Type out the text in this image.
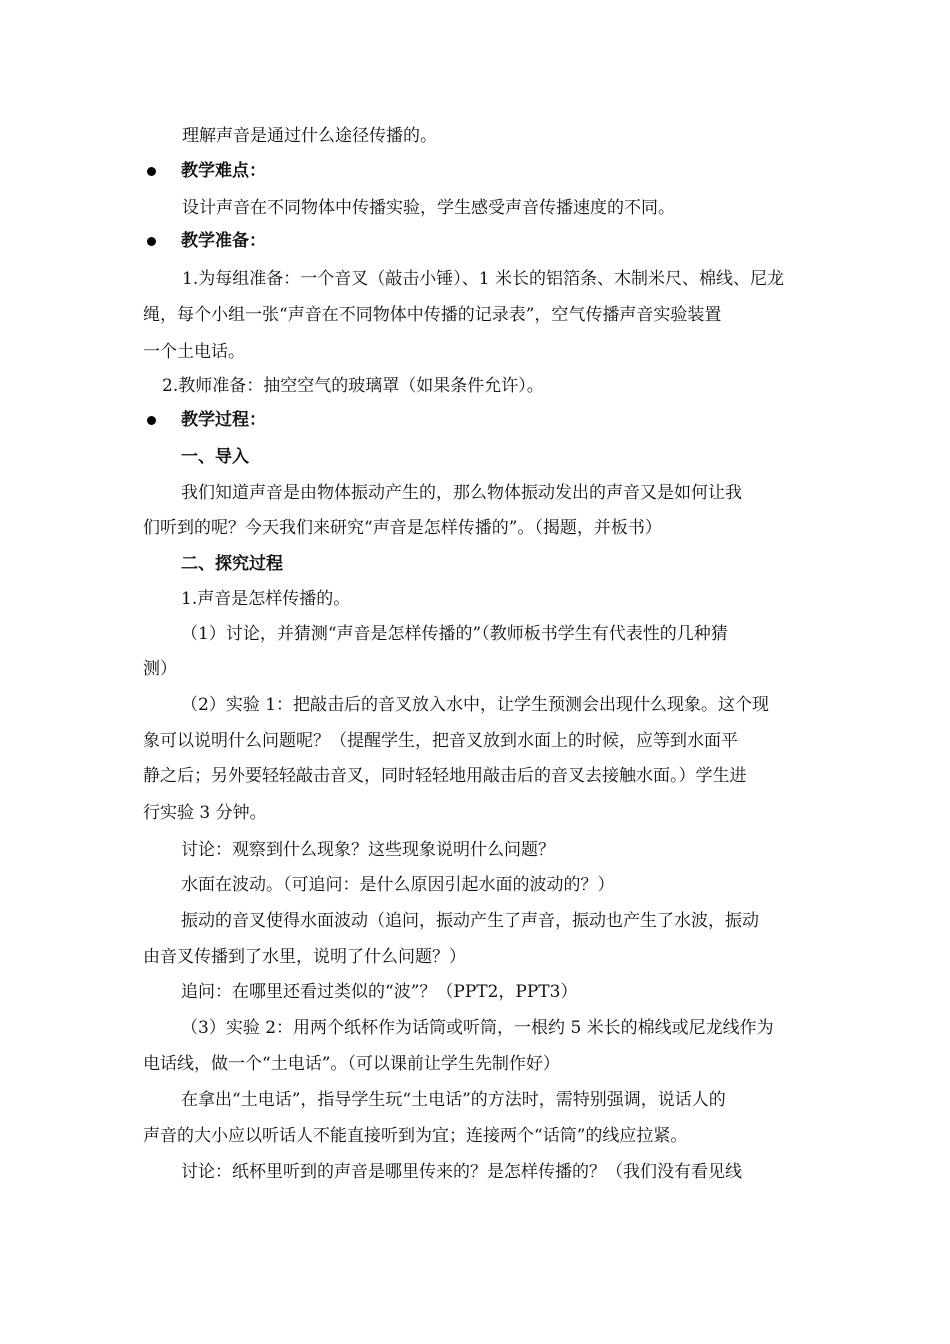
理解声音是通过什么途径传播的。
教学难点：
设计声音在不同物体中传播实验，学生感受声音传播速度的不同。
教学准备：
1.为每组准备：一个音叉（敲击小锤）、1 米长的铝箔条、木制米尺、棉线、尼龙
绳，每个小组一张“声音在不同物体中传播的记录表”，空气传播声音实验装置
一个土电话。
2.教师准备：抽空空气的玻璃罩（如果条件允许）。
教学过程：
一、导入
我们知道声音是由物体振动产生的，那么物体振动发出的声音又是如何让我
们听到的呢？今天我们来研究“声音是怎样传播的”。（揭题，并板书）
二、探究过程
1.声音是怎样传播的。
（1）讨论，并猜测“声音是怎样传播的”（教师板书学生有代表性的几种猜
测）
（2）实验 1：把敲击后的音叉放入水中，让学生预测会出现什么现象。这个现
象可以说明什么问题呢？（提醒学生，把音叉放到水面上的时候，应等到水面平
静之后；另外要轻轻敲击音叉，同时轻轻地用敲击后的音叉去接触水面。）学生进
行实验 3 分钟。
讨论：观察到什么现象？这些现象说明什么问题？
水面在波动。（可追问：是什么原因引起水面的波动的？）
振动的音叉使得水面波动（追问，振动产生了声音，振动也产生了水波，振动
由音叉传播到了水里，说明了什么问题？）
追问：在哪里还看过类似的“波”？（PPT2，PPT3）
（3）实验 2：用两个纸杯作为话筒或听筒，一根约 5 米长的棉线或尼龙线作为
电话线，做一个“土电话”。（可以课前让学生先制作好）
在拿出“土电话”，指导学生玩“土电话”的方法时，需特别强调，说话人的
声音的大小应以听话人不能直接听到为宜；连接两个“话筒”的线应拉紧。
讨论：纸杯里听到的声音是哪里传来的？是怎样传播的？（我们没有看见线
